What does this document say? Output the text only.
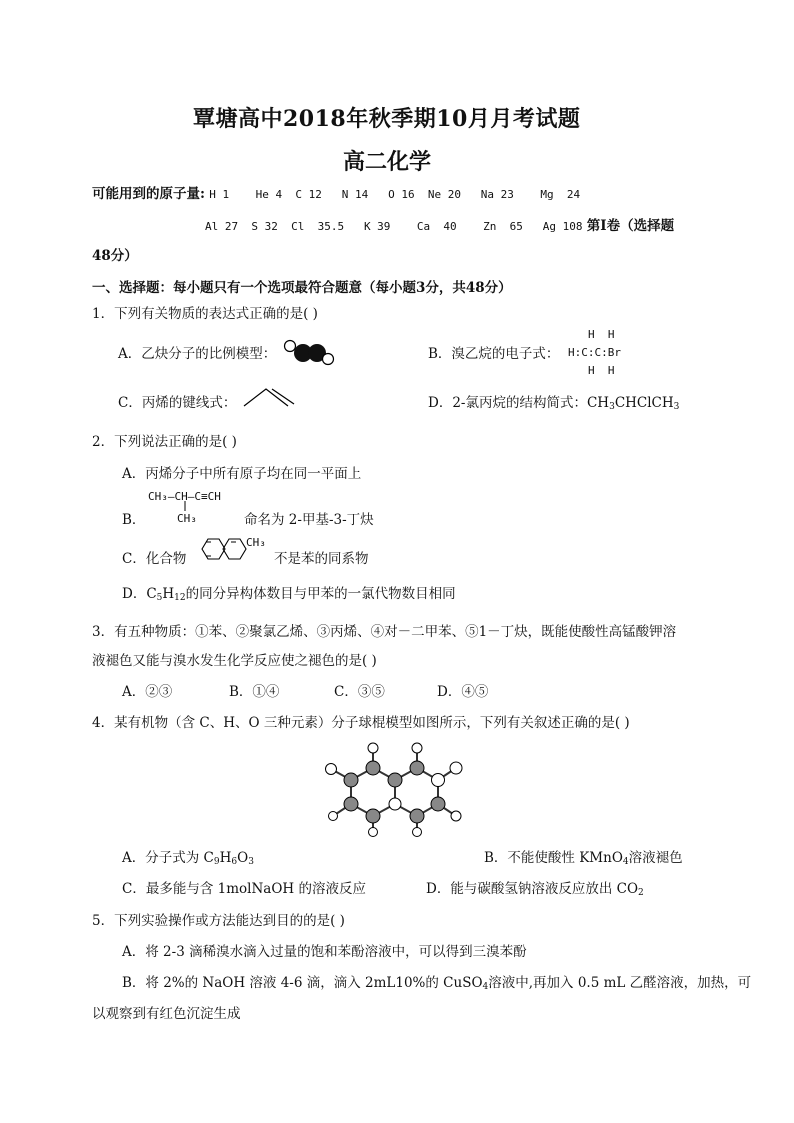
覃塘高中2018年秋季期10月月考试题
高二化学
可能用到的原子量: H 1    He 4  C 12   N 14   O 16  Ne 20   Na 23    Mg  24
Al 27  S 32  Cl  35.5   K 39    Ca  40    Zn  65   Ag 108 第Ⅰ卷（选择题
48分）
一、选择题：每小题只有一个选项最符合题意（每小题3分，共48分）
1．下列有关物质的表达式正确的是( )
A．乙炔分子的比例模型：	B．溴乙烷的电子式：
H  H
H:C:C:Br
H  H
C．丙烯的键线式：	D．2-氯丙烷的结构简式：$CH_3CHClCH_3$
2．下列说法正确的是( )
A．丙烯分子中所有原子均在同一平面上
CH₃—CH—C≡CH
B．	CH₃	命名为 2-甲基-3-丁炔
C．化合物
CH₃
不是苯的同系物
D．$C_5H_{12}$的同分异构体数目与甲苯的一氯代物数目相同
3．有五种物质：①苯、②聚氯乙烯、③丙烯、④对－二甲苯、⑤1－丁炔，既能使酸性高锰酸钾溶
液褪色又能与溴水发生化学反应使之褪色的是( )
A．②③	B．①④	C．③⑤	D．④⑤
4．某有机物（含 C、H、O 三种元素）分子球棍模型如图所示，下列有关叙述正确的是( )
A．分子式为 $C_9H_6O_3$	B．不能使酸性 KMnO$_4$溶液褪色
C．最多能与含 1molNaOH 的溶液反应	D．能与碳酸氢钠溶液反应放出 $CO_2$
5．下列实验操作或方法能达到目的的是( )
A．将 2-3 滴稀溴水滴入过量的饱和苯酚溶液中，可以得到三溴苯酚
B．将 2%的 NaOH 溶液 4-6 滴，滴入 2mL10%的 CuSO$_4$溶液中,再加入 0.5 mL 乙醛溶液，加热，可
以观察到有红色沉淀生成
